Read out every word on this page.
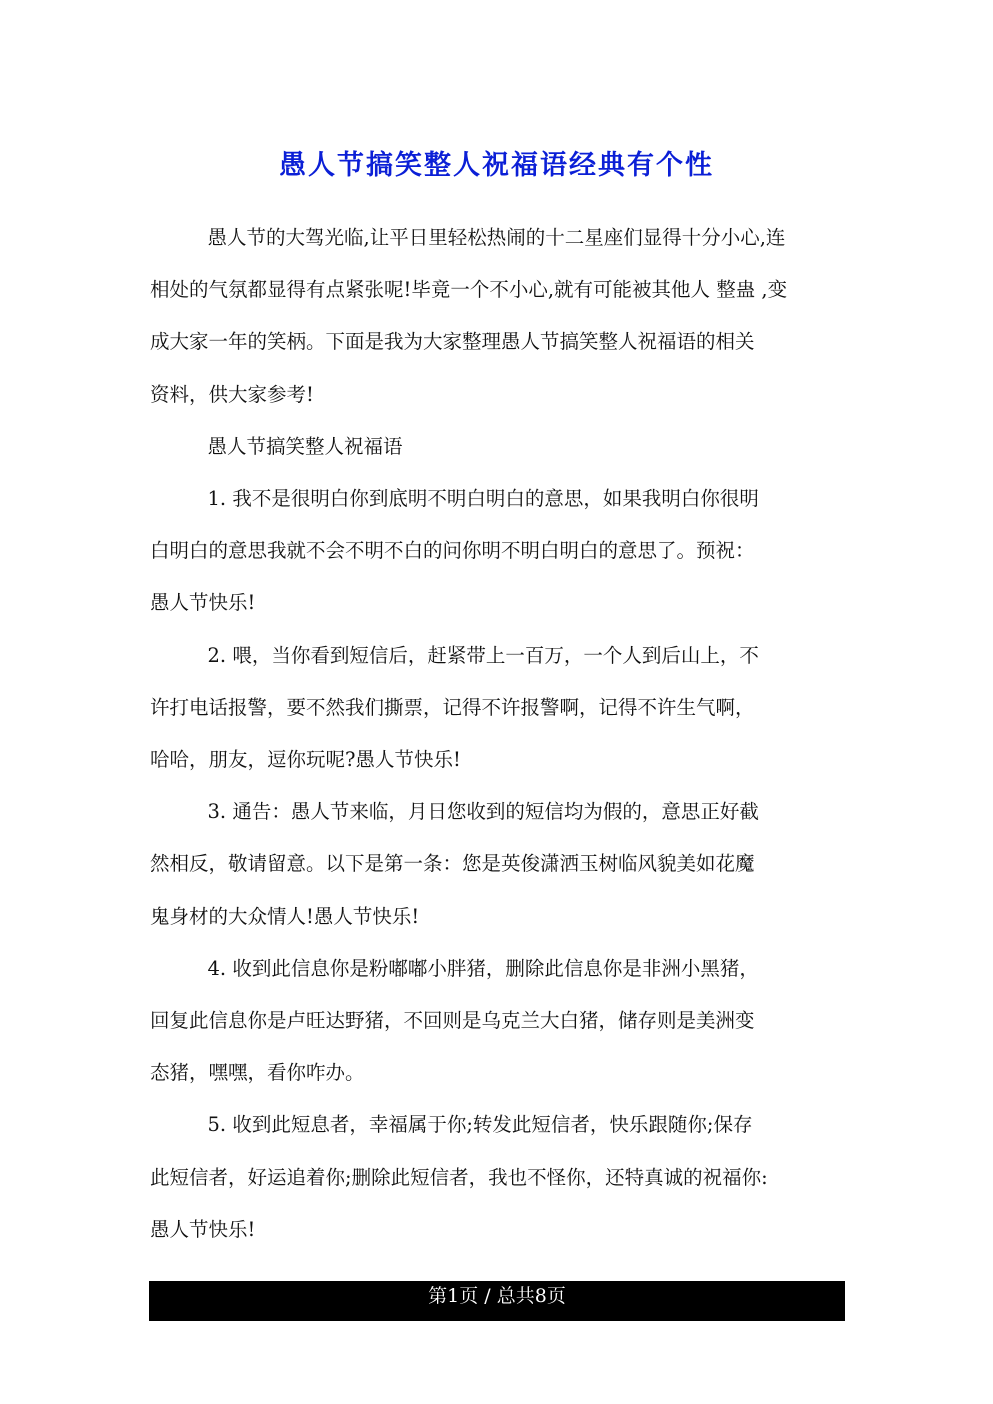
愚人节搞笑整人祝福语经典有个性

愚人节的大驾光临,让平日里轻松热闹的十二星座们显得十分小心,连
相处的气氛都显得有点紧张呢!毕竟一个不小心,就有可能被其他人 整蛊 ,变
成大家一年的笑柄。下面是我为大家整理愚人节搞笑整人祝福语的相关
资料，供大家参考!

愚人节搞笑整人祝福语

1. 我不是很明白你到底明不明白明白的意思，如果我明白你很明
白明白的意思我就不会不明不白的问你明不明白明白的意思了。预祝：
愚人节快乐!

2. 喂，当你看到短信后，赶紧带上一百万，一个人到后山上，不
许打电话报警，要不然我们撕票，记得不许报警啊，记得不许生气啊，
哈哈，朋友，逗你玩呢?愚人节快乐!

3. 通告：愚人节来临，月日您收到的短信均为假的，意思正好截
然相反，敬请留意。以下是第一条：您是英俊潇洒玉树临风貌美如花魔
鬼身材的大众情人!愚人节快乐!

4. 收到此信息你是粉嘟嘟小胖猪，删除此信息你是非洲小黑猪，
回复此信息你是卢旺达野猪，不回则是乌克兰大白猪，储存则是美洲变
态猪，嘿嘿，看你咋办。

5. 收到此短息者，幸福属于你;转发此短信者，快乐跟随你;保存
此短信者，好运追着你;删除此短信者，我也不怪你，还特真诚的祝福你:
愚人节快乐!

第1页 / 总共8页
